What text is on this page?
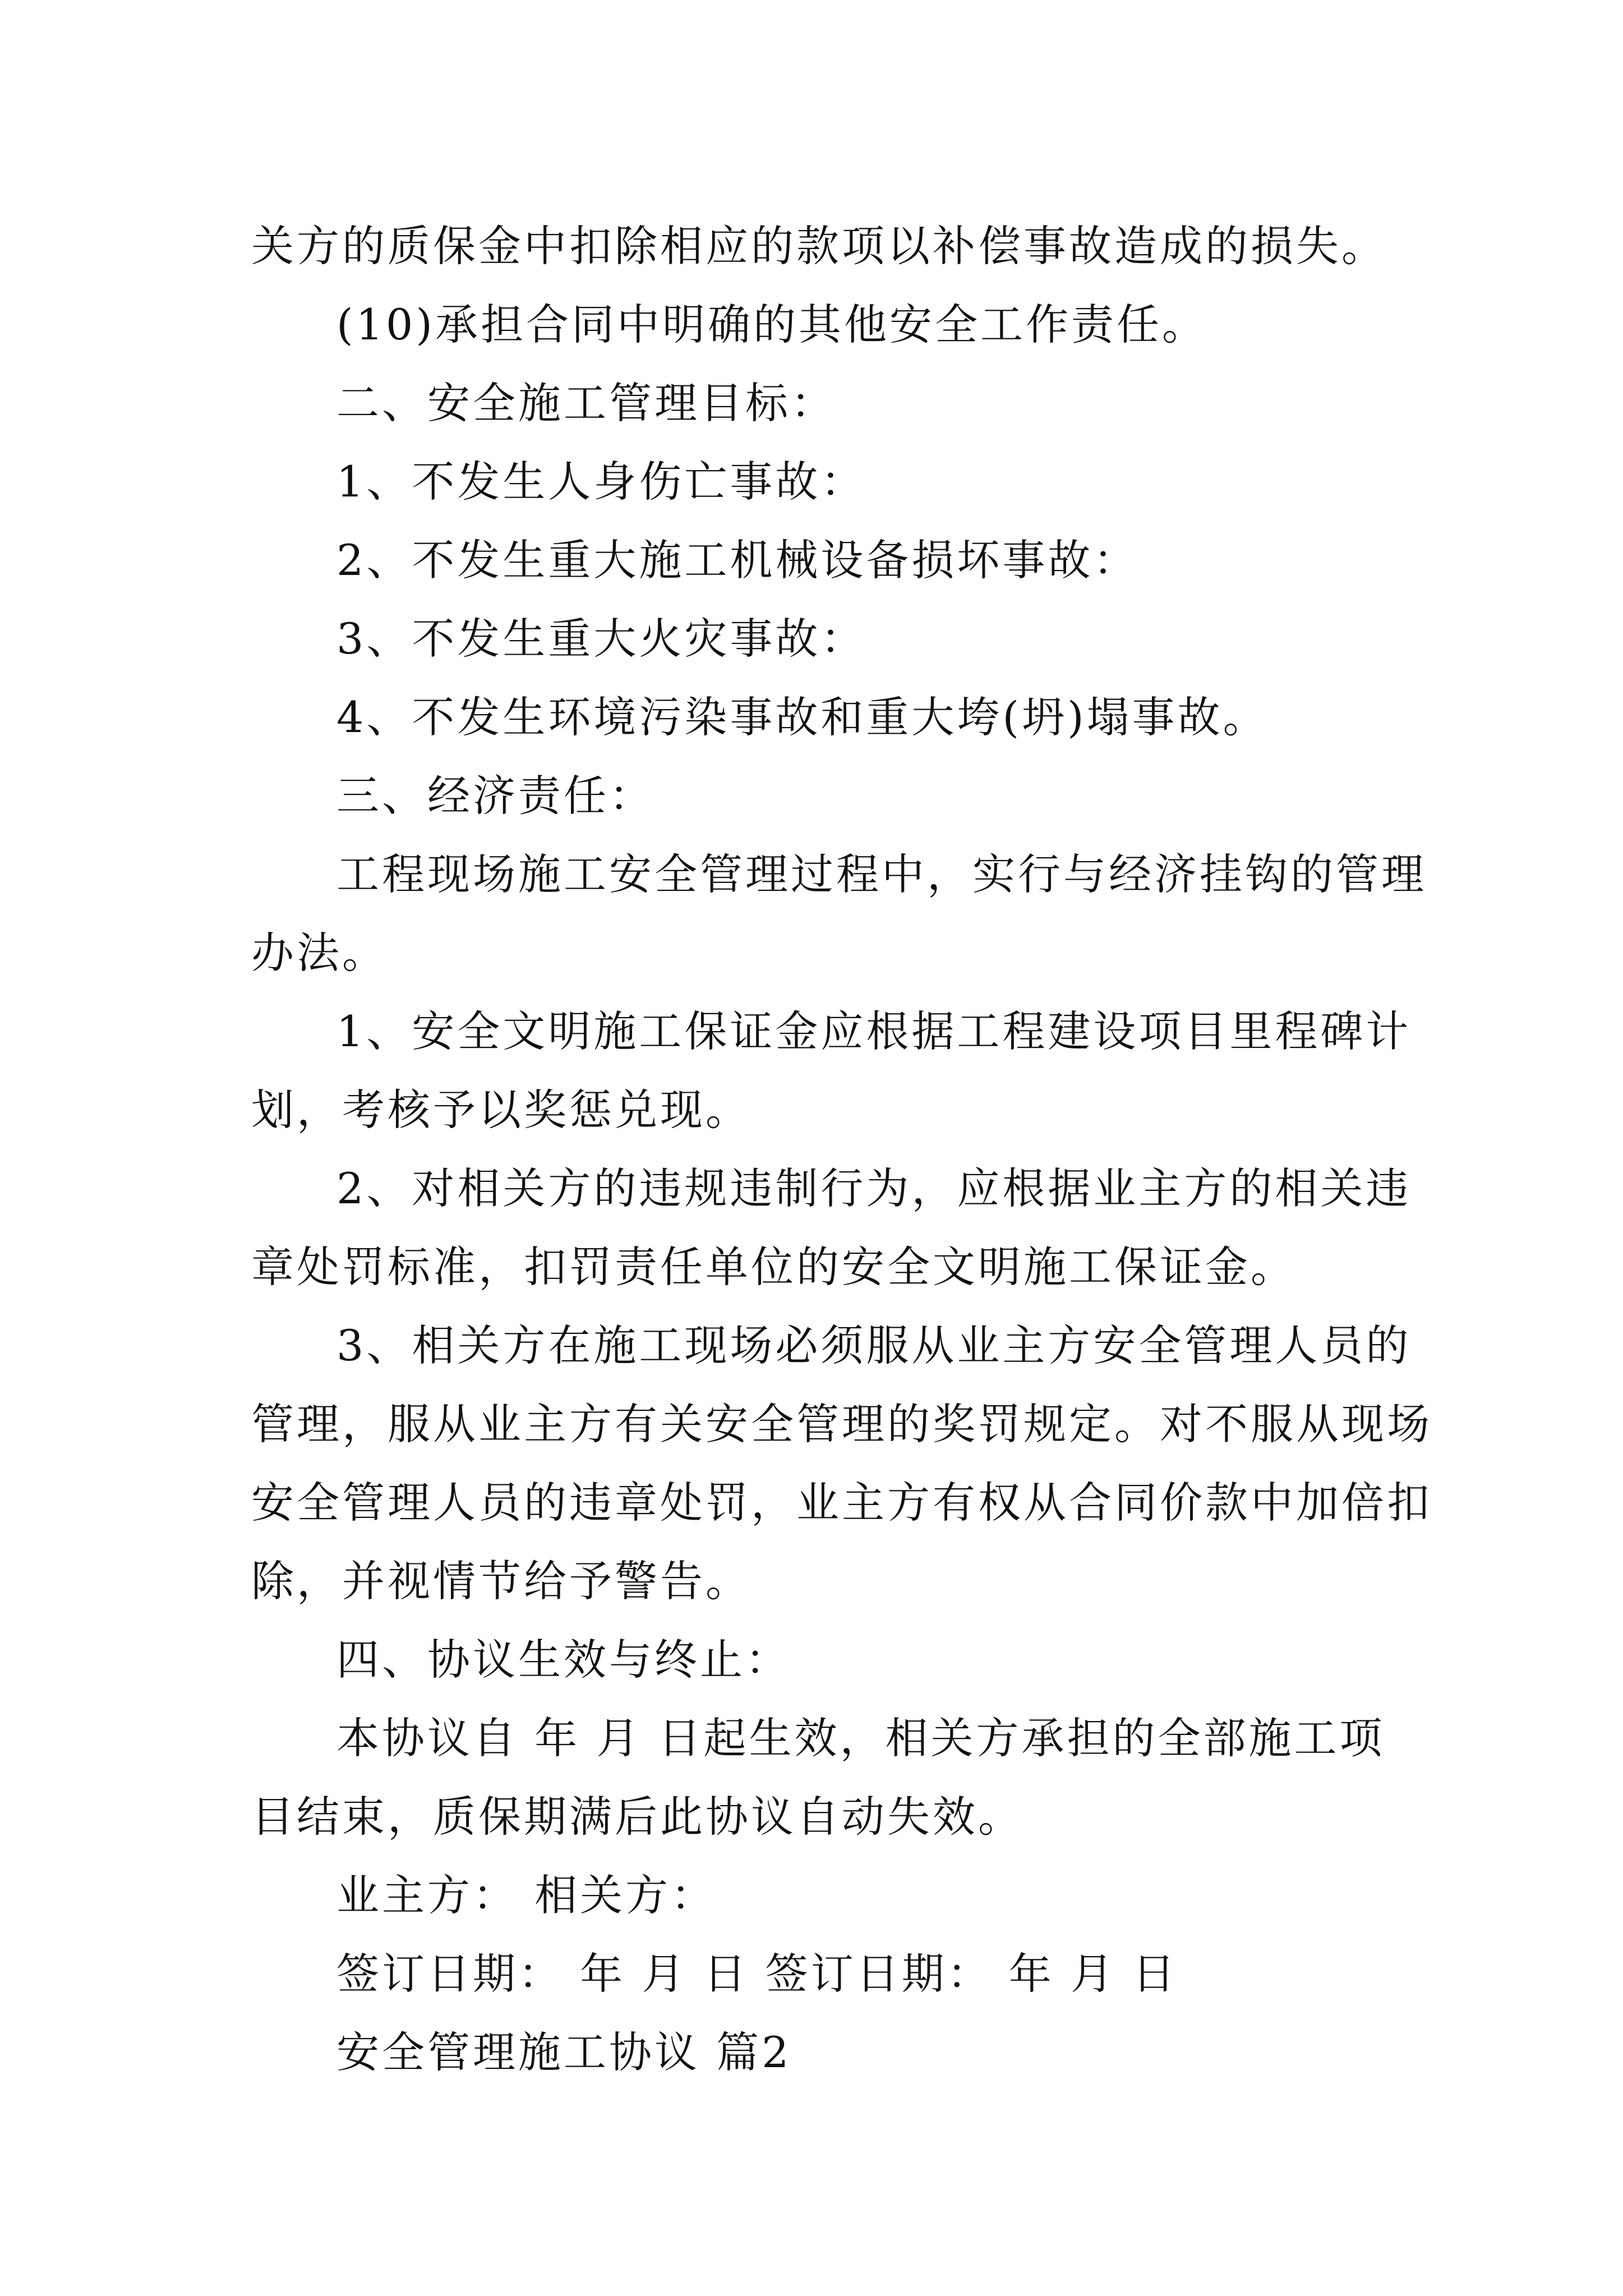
关方的质保金中扣除相应的款项以补偿事故造成的损失。

(10)承担合同中明确的其他安全工作责任。

二、安全施工管理目标：

1、不发生人身伤亡事故：

2、不发生重大施工机械设备损坏事故：

3、不发生重大火灾事故：

4、不发生环境污染事故和重大垮(坍)塌事故。

三、经济责任：

工程现场施工安全管理过程中，实行与经济挂钩的管理

办法。

1、安全文明施工保证金应根据工程建设项目里程碑计

划，考核予以奖惩兑现。

2、对相关方的违规违制行为，应根据业主方的相关违

章处罚标准，扣罚责任单位的安全文明施工保证金。

3、相关方在施工现场必须服从业主方安全管理人员的

管理，服从业主方有关安全管理的奖罚规定。对不服从现场

安全管理人员的违章处罚，业主方有权从合同价款中加倍扣

除，并视情节给予警告。

四、协议生效与终止：

本协议自 年 月 日起生效，相关方承担的全部施工项

目结束，质保期满后此协议自动失效。

业主方： 相关方：

签订日期： 年 月 日 签订日期： 年 月 日

安全管理施工协议 篇2
